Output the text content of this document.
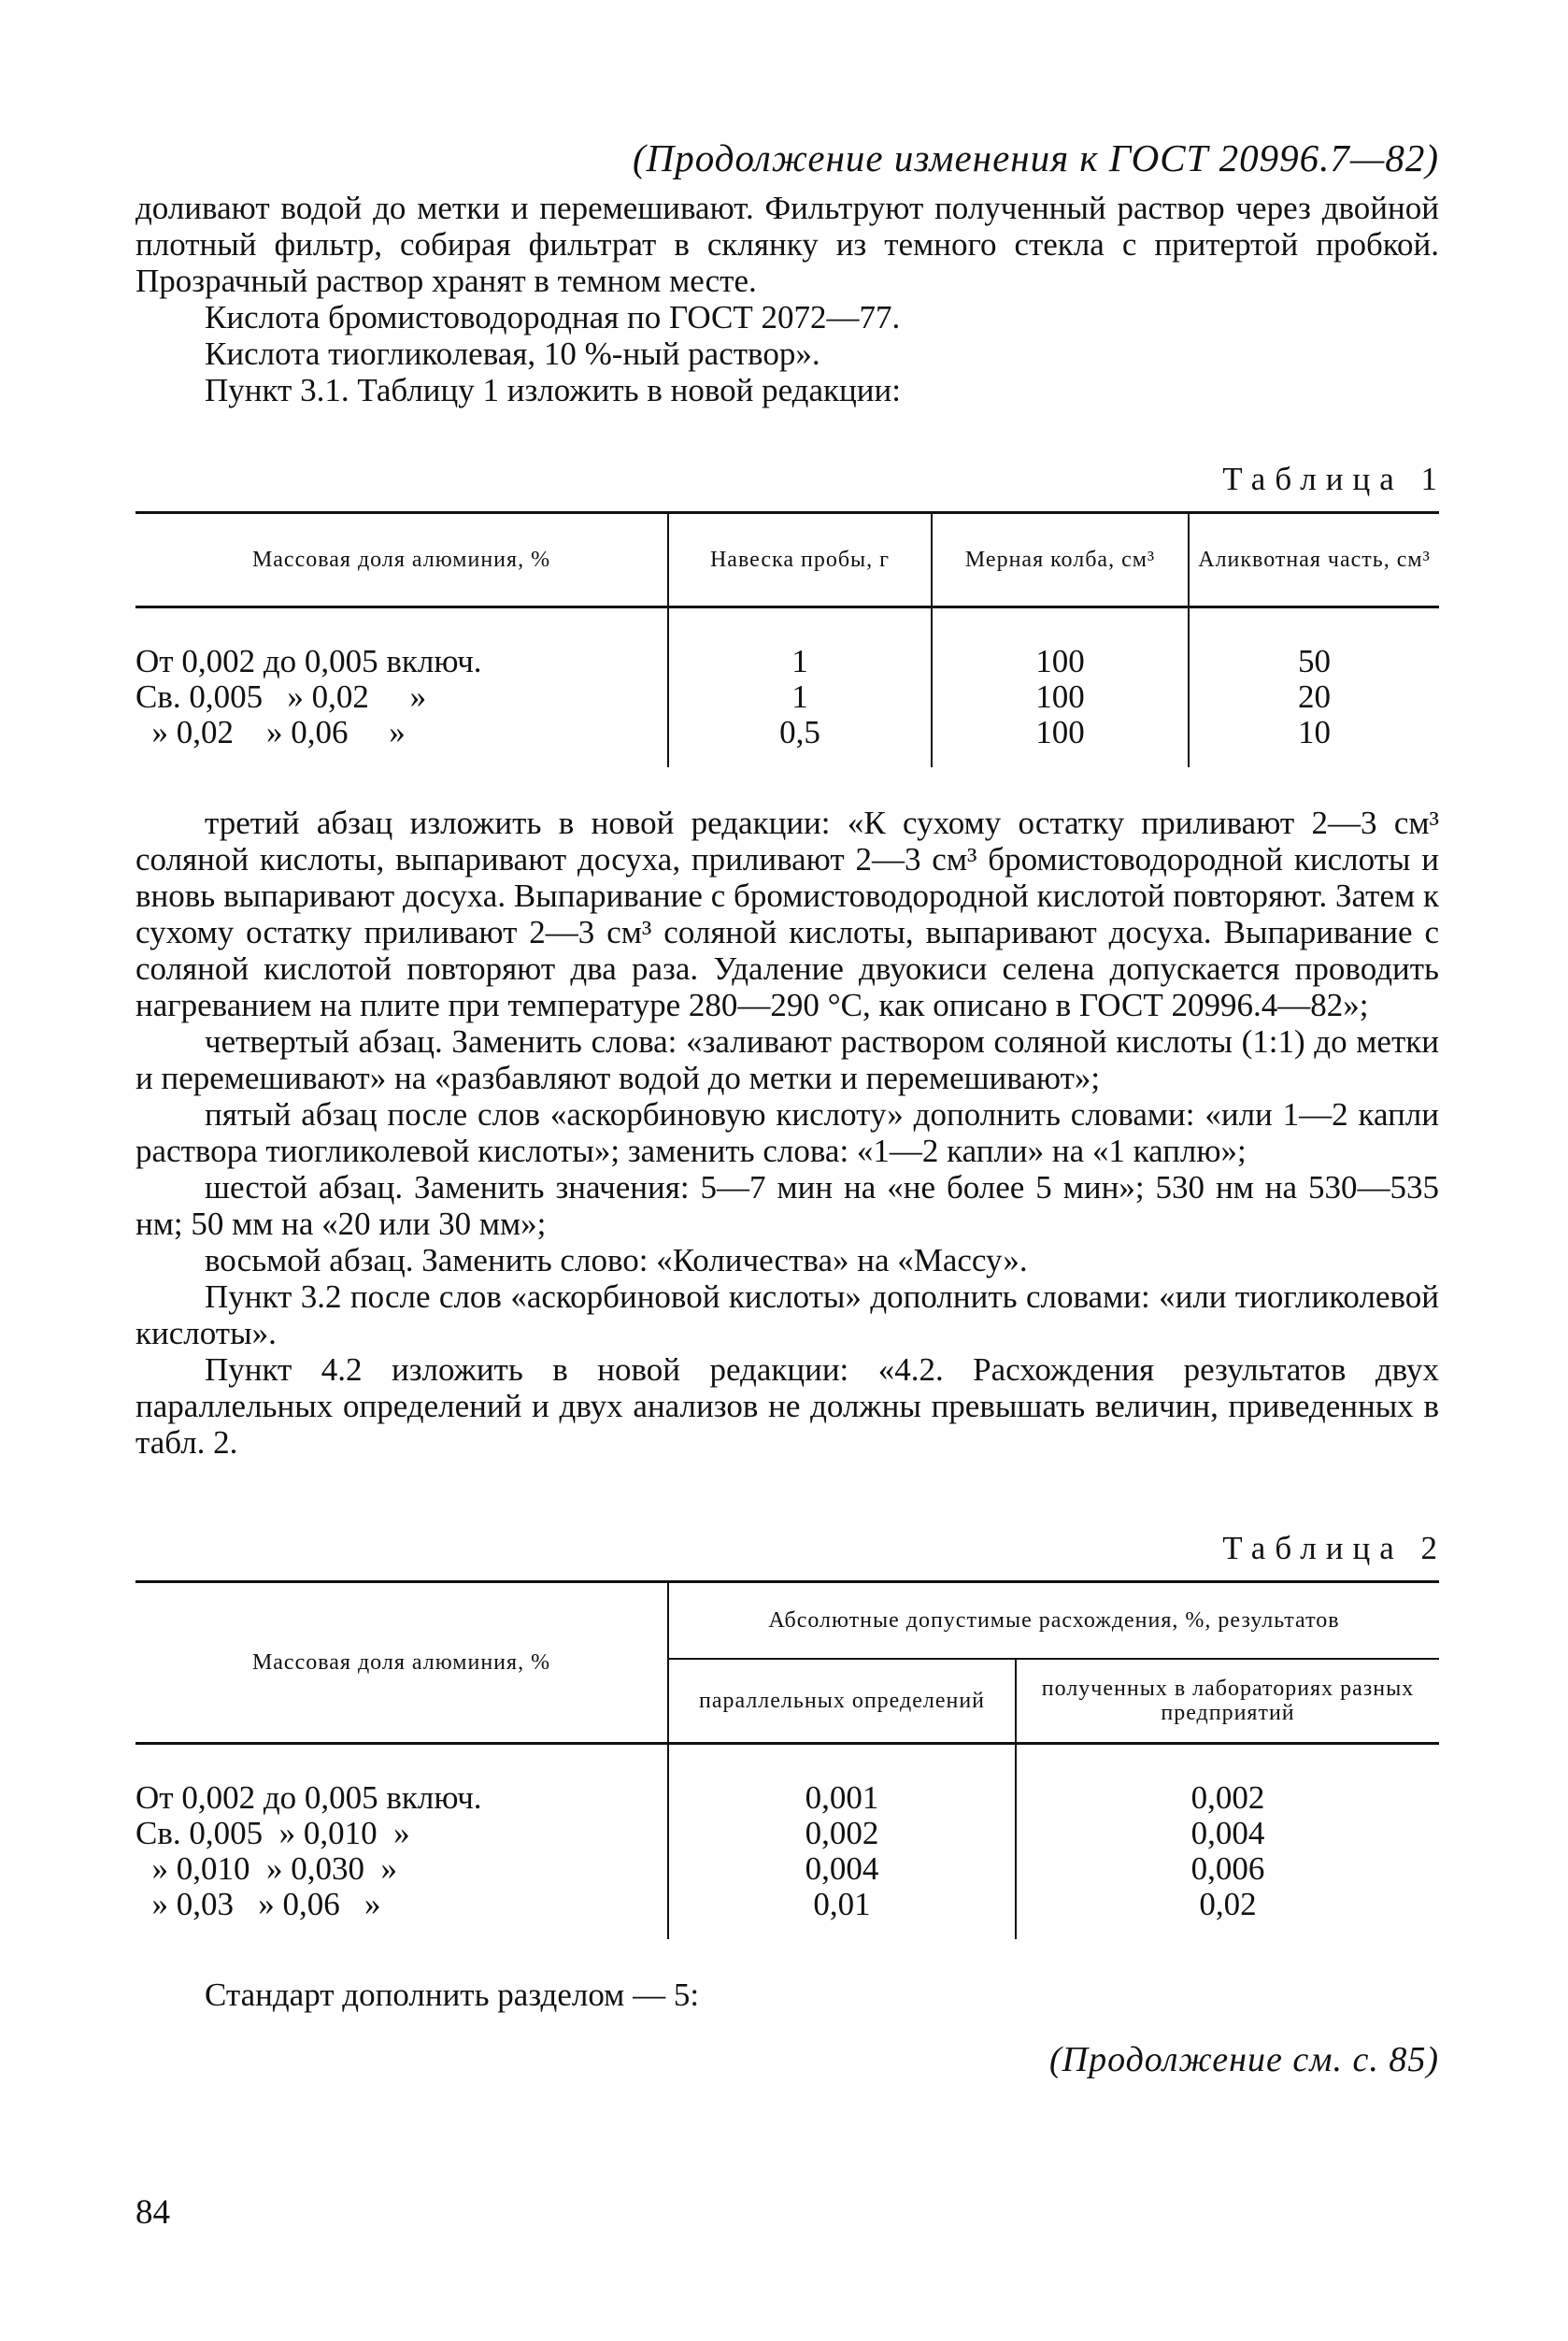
(Продолжение изменения к ГОСТ 20996.7—82)

доливают водой до метки и перемешивают. Фильтруют полученный раствор через двойной плотный фильтр, собирая фильтрат в склянку из темного стекла с притертой пробкой. Прозрачный раствор хранят в темном месте.

Кислота бромистоводородная по ГОСТ 2072—77.

Кислота тиогликолевая, 10 %-ный раствор».

Пункт 3.1. Таблицу 1 изложить в новой редакции:

Таблица 1
Массовая доля алюминия, %	Навеска пробы, г	Мерная колба, см³	Аликвотная часть, см³
От 0,002 до 0,005 включ.	1	100	50
Св. 0,005   » 0,02     »	1	100	20
» 0,02    » 0,06     »	0,5	100	10

третий абзац изложить в новой редакции: «К сухому остатку приливают 2—3 см³ соляной кислоты, выпаривают досуха, приливают 2—3 см³ бромистоводородной кислоты и вновь выпаривают досуха. Выпаривание с бромистоводородной кислотой повторяют. Затем к сухому остатку приливают 2—3 см³ соляной кислоты, выпаривают досуха. Выпаривание с соляной кислотой повторяют два раза. Удаление двуокиси селена допускается проводить нагреванием на плите при температуре 280—290 °С, как описано в ГОСТ 20996.4—82»;

четвертый абзац. Заменить слова: «заливают раствором соляной кислоты (1:1) до метки и перемешивают» на «разбавляют водой до метки и перемешивают»;

пятый абзац после слов «аскорбиновую кислоту» дополнить словами: «или 1—2 капли раствора тиогликолевой кислоты»; заменить слова: «1—2 капли» на «1 каплю»;

шестой абзац. Заменить значения: 5—7 мин на «не более 5 мин»; 530 нм на 530—535 нм; 50 мм на «20 или 30 мм»;

восьмой абзац. Заменить слово: «Количества» на «Массу».

Пункт 3.2 после слов «аскорбиновой кислоты» дополнить словами: «или тиогликолевой кислоты».

Пункт 4.2 изложить в новой редакции: «4.2. Расхождения результатов двух параллельных определений и двух анализов не должны превышать величин, приведенных в табл. 2.

Таблица 2
Массовая доля алюминия, %	Абсолютные допустимые расхождения, %, результатов	
	параллельных определений	полученных в лабораториях разных предприятий
От 0,002 до 0,005 включ.	0,001	0,002
Св. 0,005  » 0,010  »	0,002	0,004
» 0,010  » 0,030  »	0,004	0,006
» 0,03   » 0,06   »	0,01	0,02

Стандарт дополнить разделом — 5:

(Продолжение см. с. 85)
84
